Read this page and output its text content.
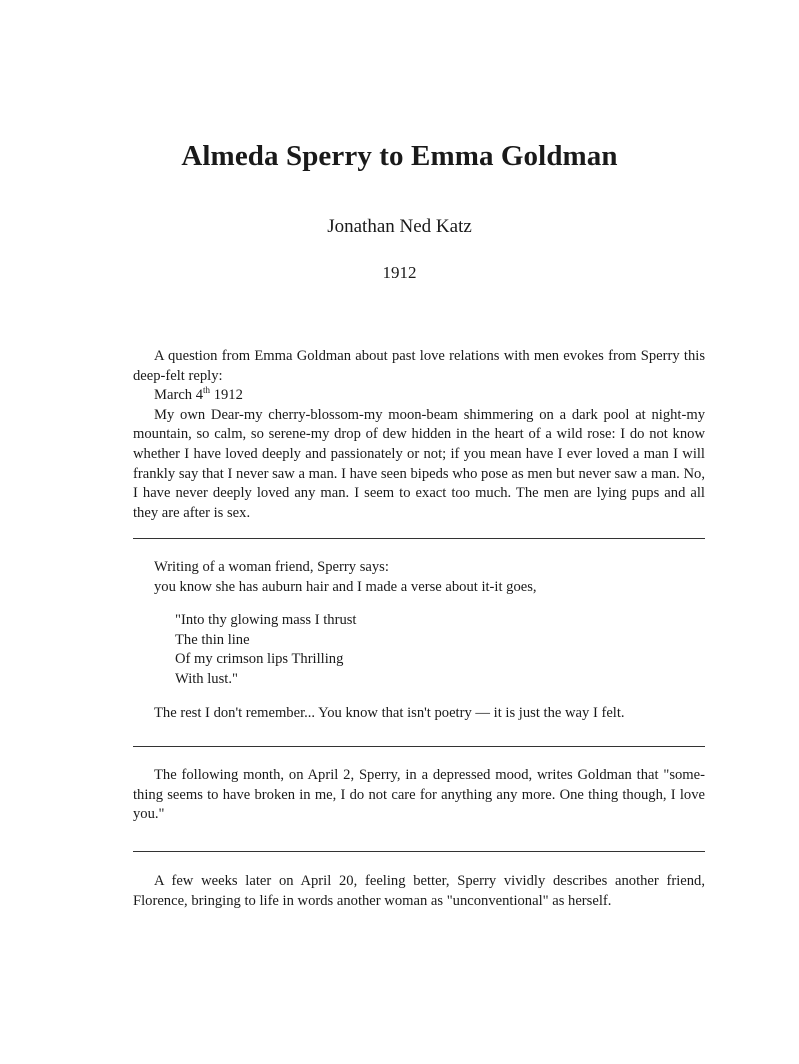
Almeda Sperry to Emma Goldman
Jonathan Ned Katz
1912

A question from Emma Goldman about past love relations with men evokes from Sperry this deep-felt reply:

March 4th 1912

My own Dear-my cherry-blossom-my moon-beam shimmering on a dark pool at night-my mountain, so calm, so serene-my drop of dew hidden in the heart of a wild rose: I do not know whether I have loved deeply and passionately or not; if you mean have I ever loved a man I will frankly say that I never saw a man. I have seen bipeds who pose as men but never saw a man. No, I have never deeply loved any man. I seem to exact too much. The men are lying pups and all they are after is sex.

Writing of a woman friend, Sperry says:

you know she has auburn hair and I made a verse about it-it goes,

"Into thy glowing mass I thrust
The thin line
Of my crimson lips Thrilling
With lust."

The rest I don't remember... You know that isn't poetry — it is just the way I felt.

The following month, on April 2, Sperry, in a depressed mood, writes Goldman that "something seems to have broken in me, I do not care for anything any more. One thing though, I love you."

A few weeks later on April 20, feeling better, Sperry vividly describes another friend, Florence, bringing to life in words another woman as "unconventional" as herself.
